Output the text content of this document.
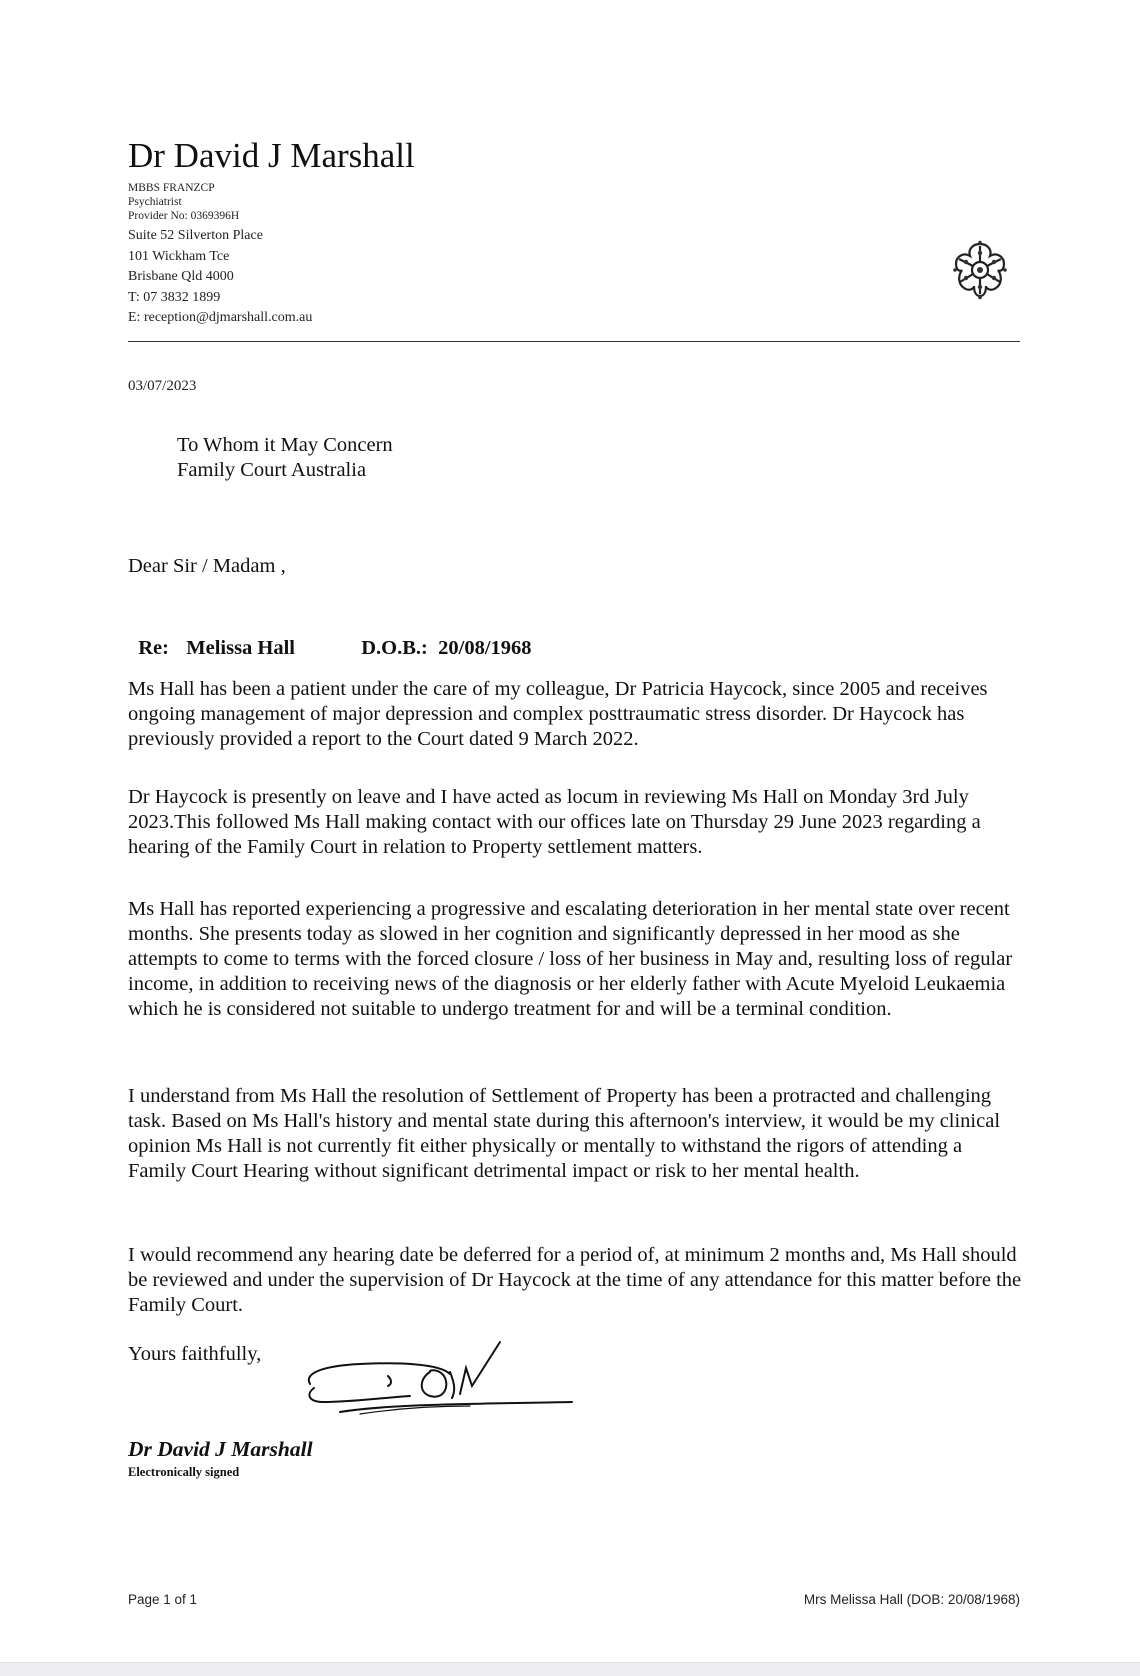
Dr David J Marshall
MBBS FRANZCP
Psychiatrist
Provider No: 0369396H
Suite 52 Silverton Place
101 Wickham Tce
Brisbane Qld 4000
T: 07 3832 1899
E: reception@djmarshall.com.au
03/07/2023
To Whom it May Concern
Family Court Australia
Dear Sir / Madam ,

Re: Melissa Hall	D.O.B.:  20/08/1968

Ms Hall has been a patient under the care of my colleague, Dr Patricia Haycock, since 2005 and receives ongoing management of major depression and complex posttraumatic stress disorder. Dr Haycock has previously provided a report to the Court dated 9 March 2022.

Dr Haycock is presently on leave and I have acted as locum in reviewing Ms Hall on Monday 3rd July 2023.This followed Ms Hall making contact with our offices late on Thursday 29 June 2023 regarding a hearing of the Family Court in relation to Property settlement matters.

Ms Hall has reported experiencing a progressive and escalating deterioration in her mental state over recent months. She presents today as slowed in her cognition and significantly depressed in her mood as she attempts to come to terms with the forced closure / loss of her business in May and, resulting loss of regular income, in addition to receiving news of the diagnosis or her elderly father with Acute Myeloid Leukaemia which he is considered not suitable to undergo treatment for and will be a terminal condition.

I understand from Ms Hall the resolution of Settlement of Property has been a protracted and challenging task. Based on Ms Hall's history and mental state during this afternoon's interview, it would be my clinical opinion Ms Hall is not currently fit either physically or mentally to withstand the rigors of attending a Family Court Hearing without significant detrimental impact or risk to her mental health.

I would recommend any hearing date be deferred for a period of, at minimum 2 months and, Ms Hall should be reviewed and under the supervision of Dr Haycock at the time of any attendance for this matter before the Family Court.

Yours faithfully,
Dr David J Marshall
Electronically signed
Page 1 of 1	Mrs Melissa Hall (DOB: 20/08/1968)
